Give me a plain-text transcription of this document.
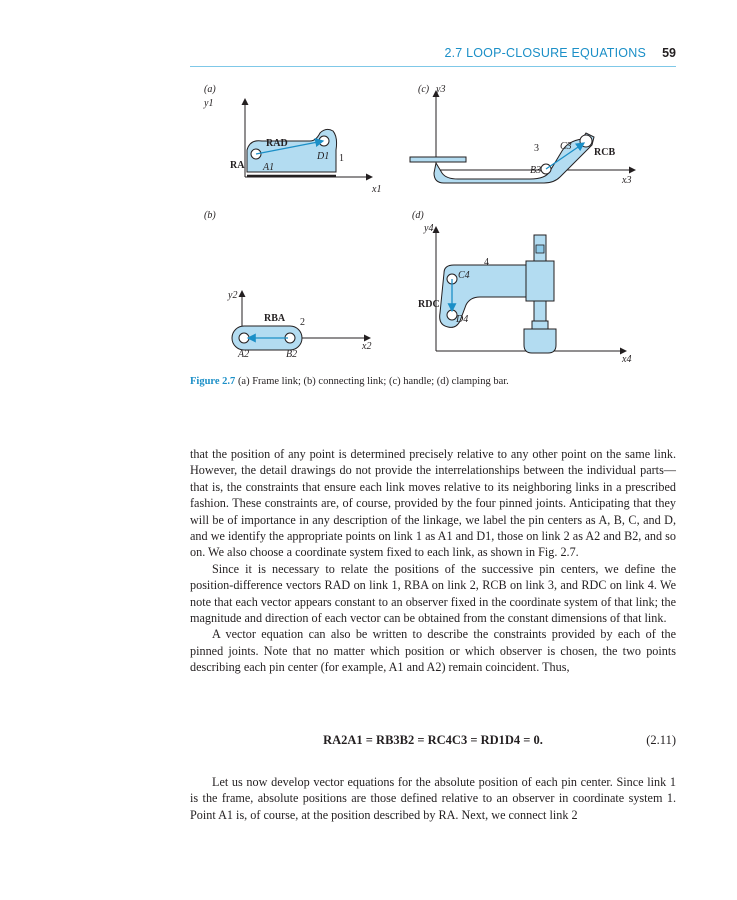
2.7 LOOP-CLOSURE EQUATIONS 59
(a)
y1
x1
RAD
RA A1
D1 1
(c) y3
x3
3 C3
B3
RCB
(b)
y2
x2
RBA 2
A2	B2
(d)
y4
x4
4
C4
RDC
D4
Figure 2.7 (a) Frame link; (b) connecting link; (c) handle; (d) clamping bar.

that the position of any point is determined precisely relative to any other point on the same link. However, the detail drawings do not provide the interrelationships between the individual parts—that is, the constraints that ensure each link moves relative to its neighboring links in a prescribed fashion. These constraints are, of course, provided by the four pinned joints. Anticipating that they will be of importance in any description of the linkage, we label the pin centers as A, B, C, and D, and we identify the appropriate points on link 1 as A1 and D1, those on link 2 as A2 and B2, and so on. We also choose a coordinate system fixed to each link, as shown in Fig. 2.7.

Since it is necessary to relate the positions of the successive pin centers, we define the position-difference vectors RAD on link 1, RBA on link 2, RCB on link 3, and RDC on link 4. We note that each vector appears constant to an observer fixed in the coordinate system of that link; the magnitude and direction of each vector can be obtained from the constant dimensions of that link.

A vector equation can also be written to describe the constraints provided by each of the pinned joints. Note that no matter which position or which observer is chosen, the two points describing each pin center (for example, A1 and A2) remain coincident. Thus,

RA2A1 = RB3B2 = RC4C3 = RD1D4 = 0.	(2.11)

Let us now develop vector equations for the absolute position of each pin center. Since link 1 is the frame, absolute positions are those defined relative to an observer in coordinate system 1. Point A1 is, of course, at the position described by RA. Next, we connect link 2
